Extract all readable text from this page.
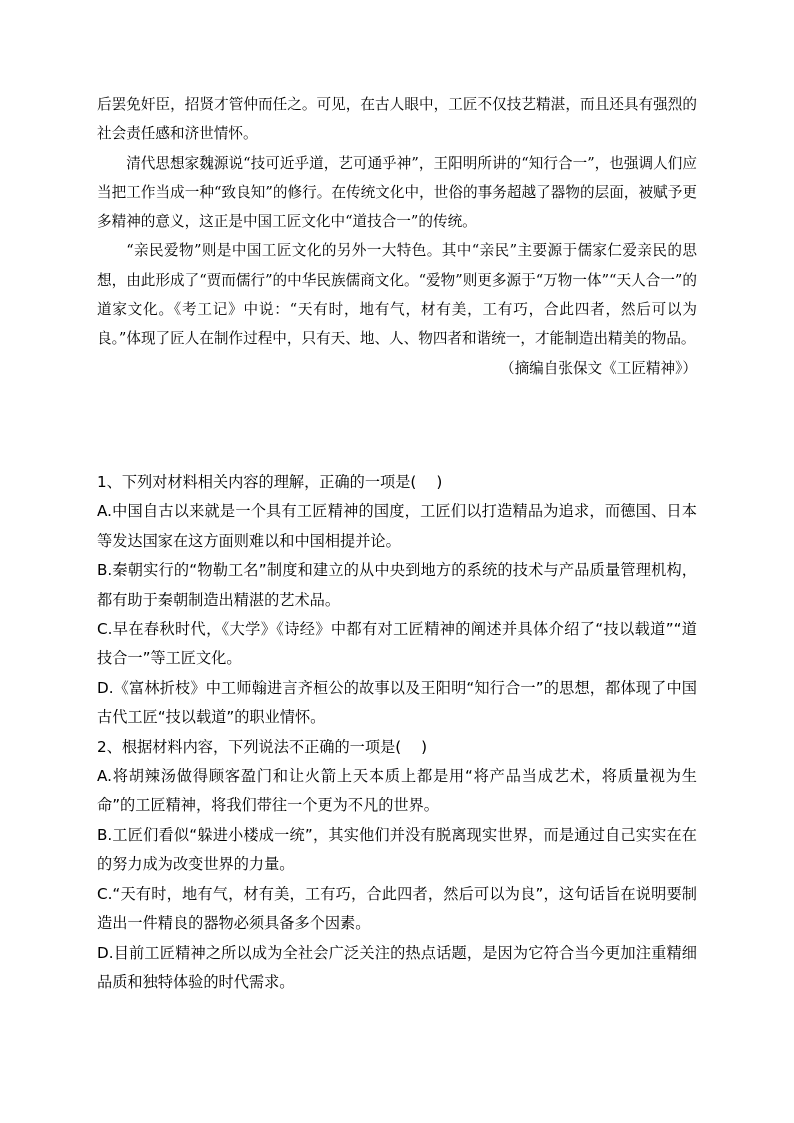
后罢免奸臣，招贤才管仲而任之。可见，在古人眼中，工匠不仅技艺精湛，而且还具有强烈的社会责任感和济世情怀。

清代思想家魏源说“技可近乎道，艺可通乎神”，王阳明所讲的“知行合一”，也强调人们应当把工作当成一种“致良知”的修行。在传统文化中，世俗的事务超越了器物的层面，被赋予更多精神的意义，这正是中国工匠文化中“道技合一”的传统。

“亲民爱物”则是中国工匠文化的另外一大特色。其中“亲民”主要源于儒家仁爱亲民的思想，由此形成了“贾而儒行”的中华民族儒商文化。“爱物”则更多源于“万物一体”“天人合一”的道家文化。《考工记》中说：“天有时，地有气，材有美，工有巧，合此四者，然后可以为良。”体现了匠人在制作过程中，只有天、地、人、物四者和谐统一，才能制造出精美的物品。

（摘编自张保文《工匠精神》）

1、下列对材料相关内容的理解，正确的一项是(　 )

A.中国自古以来就是一个具有工匠精神的国度，工匠们以打造精品为追求，而德国、日本等发达国家在这方面则难以和中国相提并论。

B.秦朝实行的“物勒工名”制度和建立的从中央到地方的系统的技术与产品质量管理机构，都有助于秦朝制造出精湛的艺术品。

C.早在春秋时代，《大学》《诗经》中都有对工匠精神的阐述并具体介绍了“技以载道”“道技合一”等工匠文化。

D.《富林折枝》中工师翰进言齐桓公的故事以及王阳明“知行合一”的思想，都体现了中国古代工匠“技以载道”的职业情怀。

2、根据材料内容，下列说法不正确的一项是(　 )

A.将胡辣汤做得顾客盈门和让火箭上天本质上都是用“将产品当成艺术，将质量视为生命”的工匠精神，将我们带往一个更为不凡的世界。

B.工匠们看似“躲进小楼成一统”，其实他们并没有脱离现实世界，而是通过自己实实在在的努力成为改变世界的力量。

C.“天有时，地有气，材有美，工有巧，合此四者，然后可以为良”，这句话旨在说明要制造出一件精良的器物必须具备多个因素。

D.目前工匠精神之所以成为全社会广泛关注的热点话题，是因为它符合当今更加注重精细品质和独特体验的时代需求。
